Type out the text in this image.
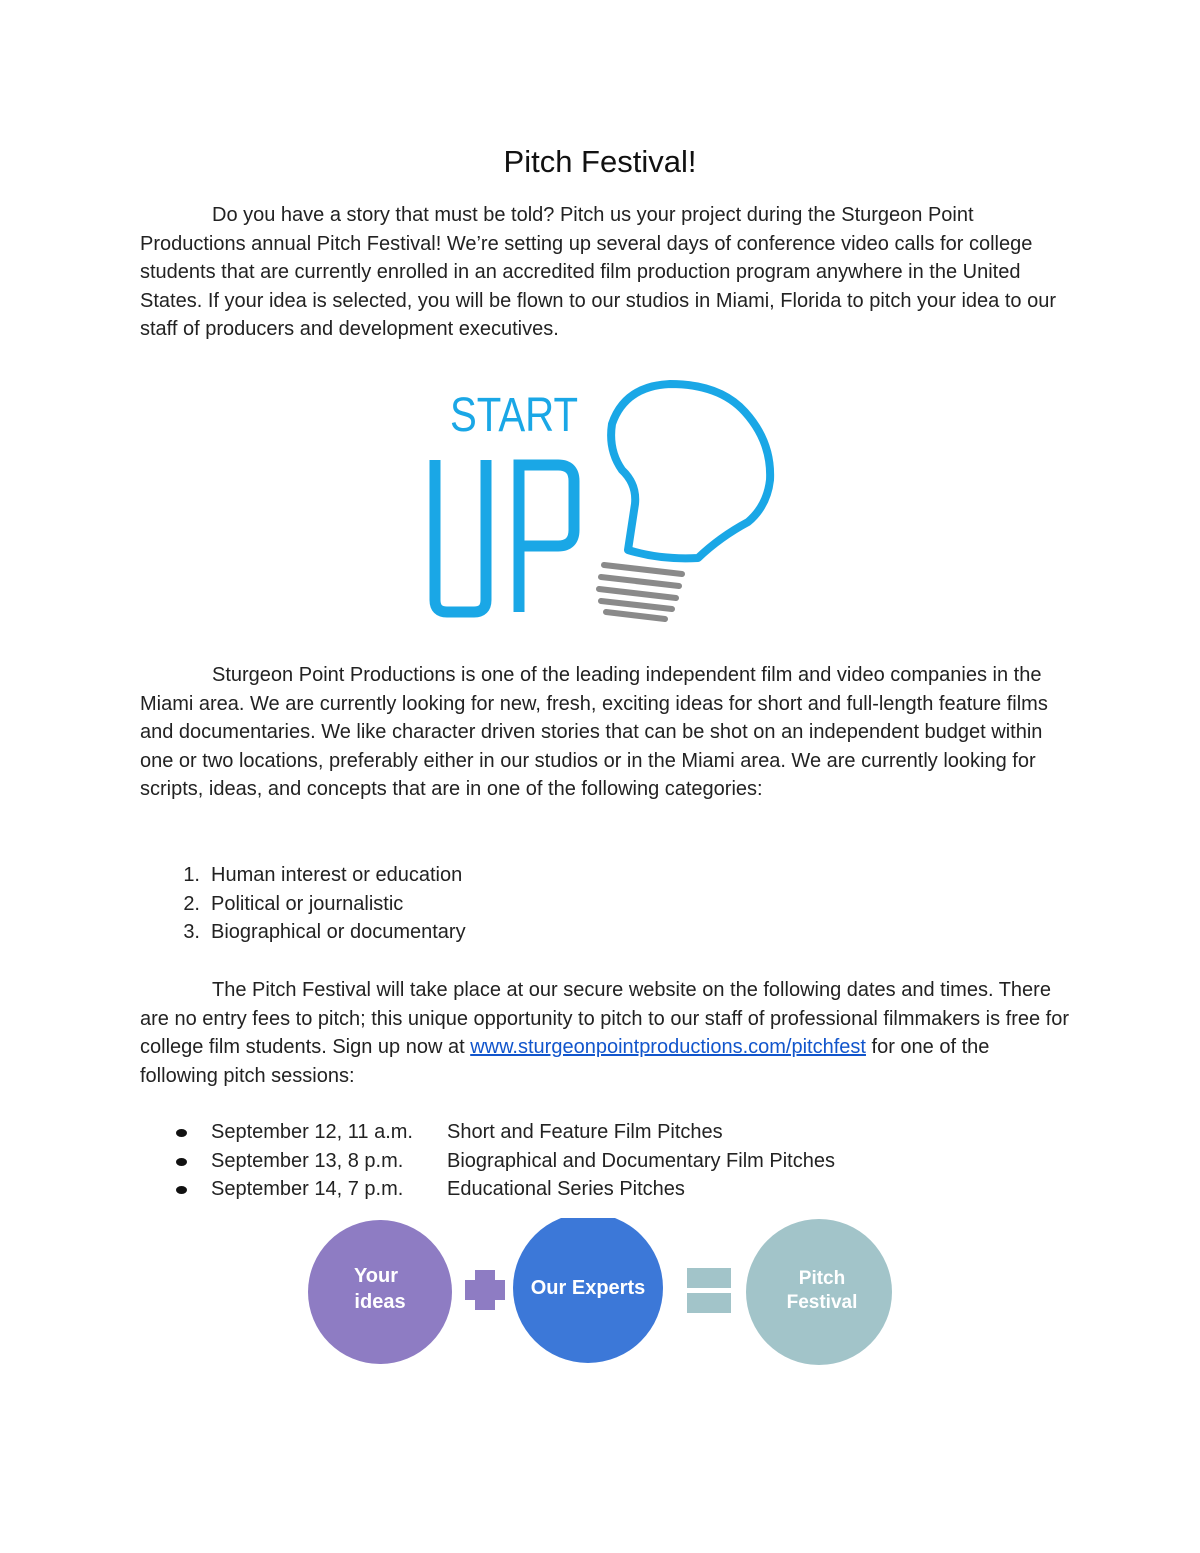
Pitch Festival!

Do you have a story that must be told? Pitch us your project during the Sturgeon Point Productions annual Pitch Festival! We’re setting up several days of conference video calls for college students that are currently enrolled in an accredited film production program anywhere in the United States. If your idea is selected, you will be flown to our studios in Miami, Florida to pitch your idea to our staff of producers and development executives.

START

Sturgeon Point Productions is one of the leading independent film and video companies in the Miami area. We are currently looking for new, fresh, exciting ideas for short and full-length feature films and documentaries. We like character driven stories that can be shot on an independent budget within one or two locations, preferably either in our studios or in the Miami area. We are currently looking for scripts, ideas, and concepts that are in one of the following categories:

1. Human interest or education
2. Political or journalistic
3. Biographical or documentary

The Pitch Festival will take place at our secure website on the following dates and times. There are no entry fees to pitch; this unique opportunity to pitch to our staff of professional filmmakers is free for college film students. Sign up now at www.sturgeonpointproductions.com/pitchfest for one of the following pitch sessions:

September 12, 11 a.m. Short and Feature Film Pitches
September 13, 8 p.m. Biographical and Documentary Film Pitches
September 14, 7 p.m. Educational Series Pitches
Your
ideas
Our Experts	Pitch
Festival
